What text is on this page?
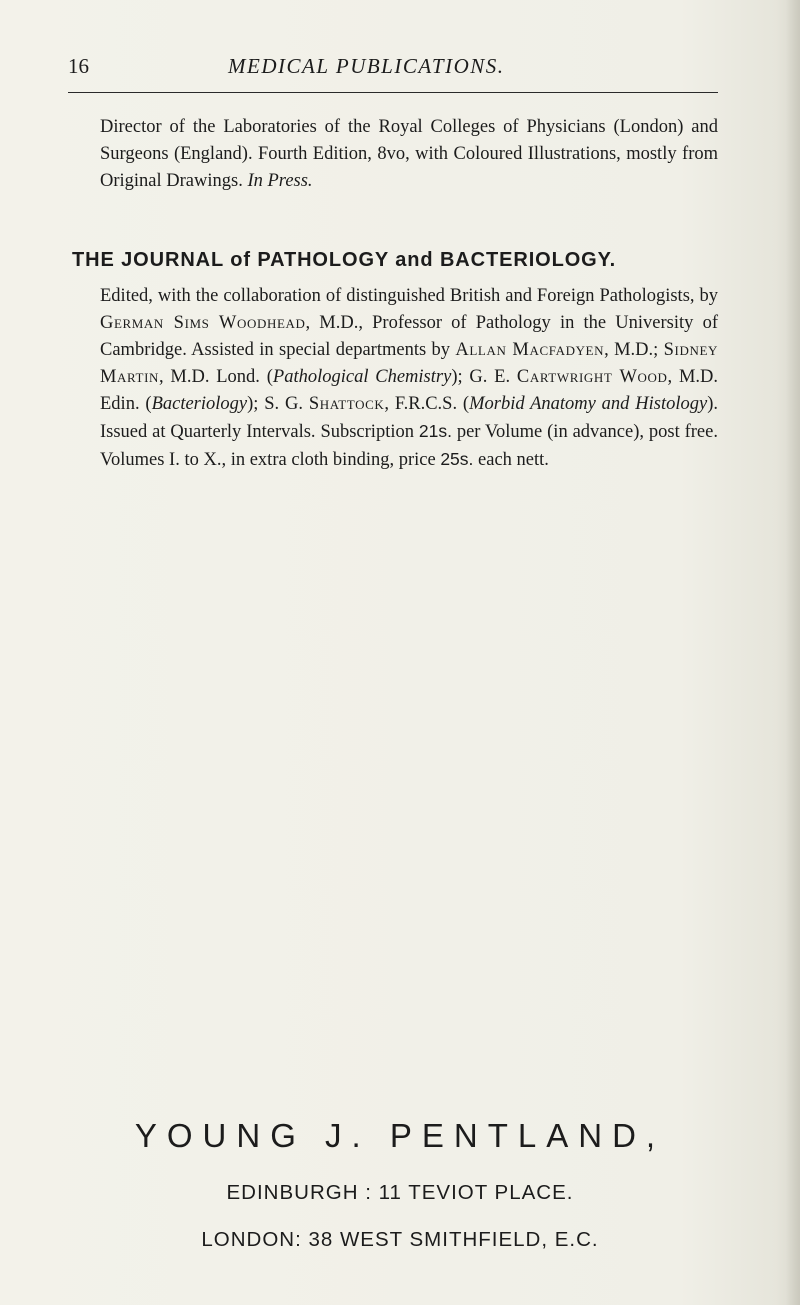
16	MEDICAL PUBLICATIONS.
Director of the Laboratories of the Royal Colleges of Physicians (London) and Surgeons (England). Fourth Edition, 8vo, with Coloured Illustrations, mostly from Original Drawings. In Press.
THE JOURNAL of PATHOLOGY and BACTERIOLOGY.
Edited, with the collaboration of distinguished British and Foreign Pathologists, by German Sims Woodhead, M.D., Professor of Pathology in the University of Cambridge. Assisted in special departments by Allan Macfadyen, M.D.; Sidney Martin, M.D. Lond. (Pathological Chemistry); G. E. Cartwright Wood, M.D. Edin. (Bacteriology); S. G. Shattock, F.R.C.S. (Morbid Anatomy and Histology). Issued at Quarterly Intervals. Subscription 21s. per Volume (in advance), post free. Volumes I. to X., in extra cloth binding, price 25s. each nett.
YOUNG J. PENTLAND,
EDINBURGH : 11 TEVIOT PLACE.
LONDON: 38 WEST SMITHFIELD, E.C.
